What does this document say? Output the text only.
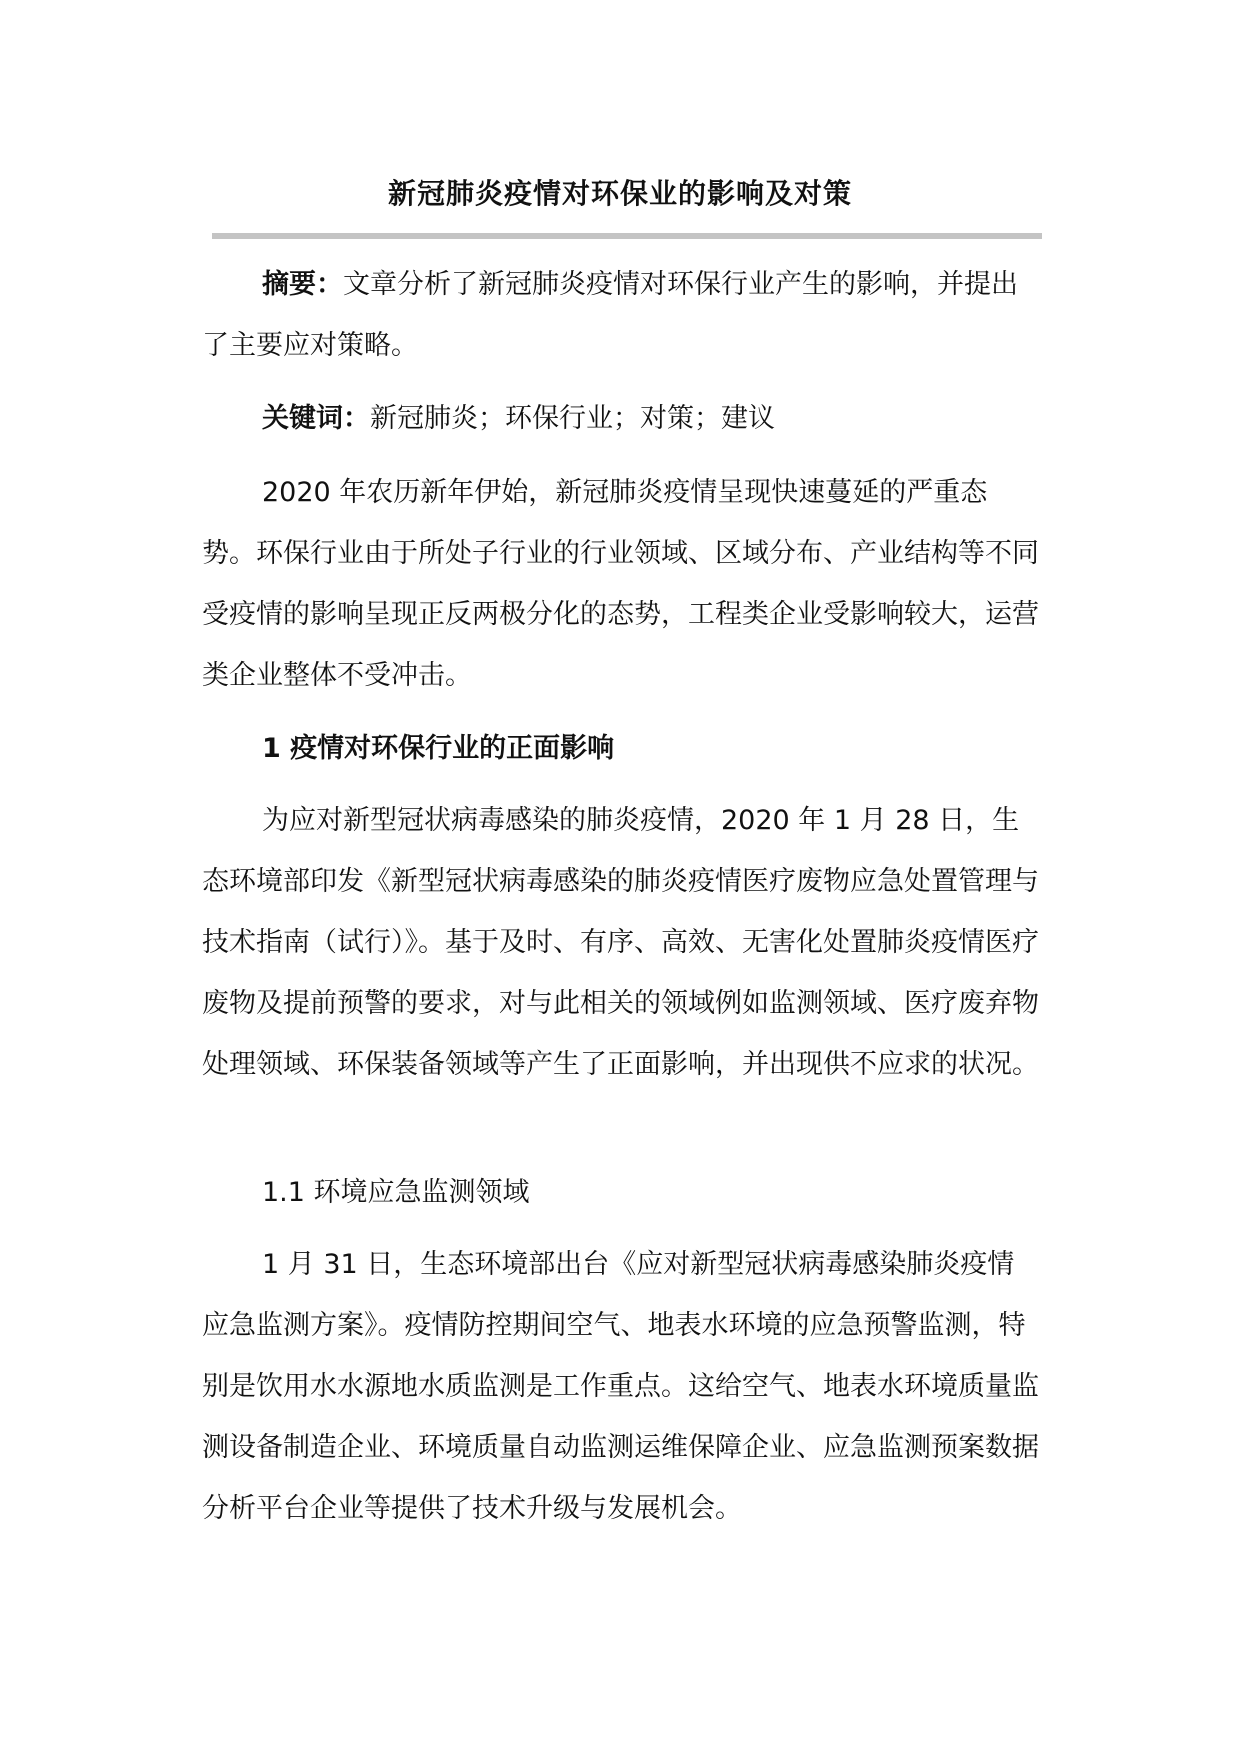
新冠肺炎疫情对环保业的影响及对策

摘要：文章分析了新冠肺炎疫情对环保行业产生的影响，并提出了主要应对策略。

关键词：新冠肺炎；环保行业；对策；建议

2020 年农历新年伊始，新冠肺炎疫情呈现快速蔓延的严重态势。环保行业由于所处子行业的行业领域、区域分布、产业结构等不同受疫情的影响呈现正反两极分化的态势，工程类企业受影响较大，运营类企业整体不受冲击。

1 疫情对环保行业的正面影响

为应对新型冠状病毒感染的肺炎疫情，2020 年 1 月 28 日，生态环境部印发《新型冠状病毒感染的肺炎疫情医疗废物应急处置管理与技术指南（试行）》。基于及时、有序、高效、无害化处置肺炎疫情医疗废物及提前预警的要求，对与此相关的领域例如监测领域、医疗废弃物处理领域、环保装备领域等产生了正面影响，并出现供不应求的状况。

1.1 环境应急监测领域

1 月 31 日，生态环境部出台《应对新型冠状病毒感染肺炎疫情应急监测方案》。疫情防控期间空气、地表水环境的应急预警监测，特别是饮用水水源地水质监测是工作重点。这给空气、地表水环境质量监测设备制造企业、环境质量自动监测运维保障企业、应急监测预案数据分析平台企业等提供了技术升级与发展机会。
